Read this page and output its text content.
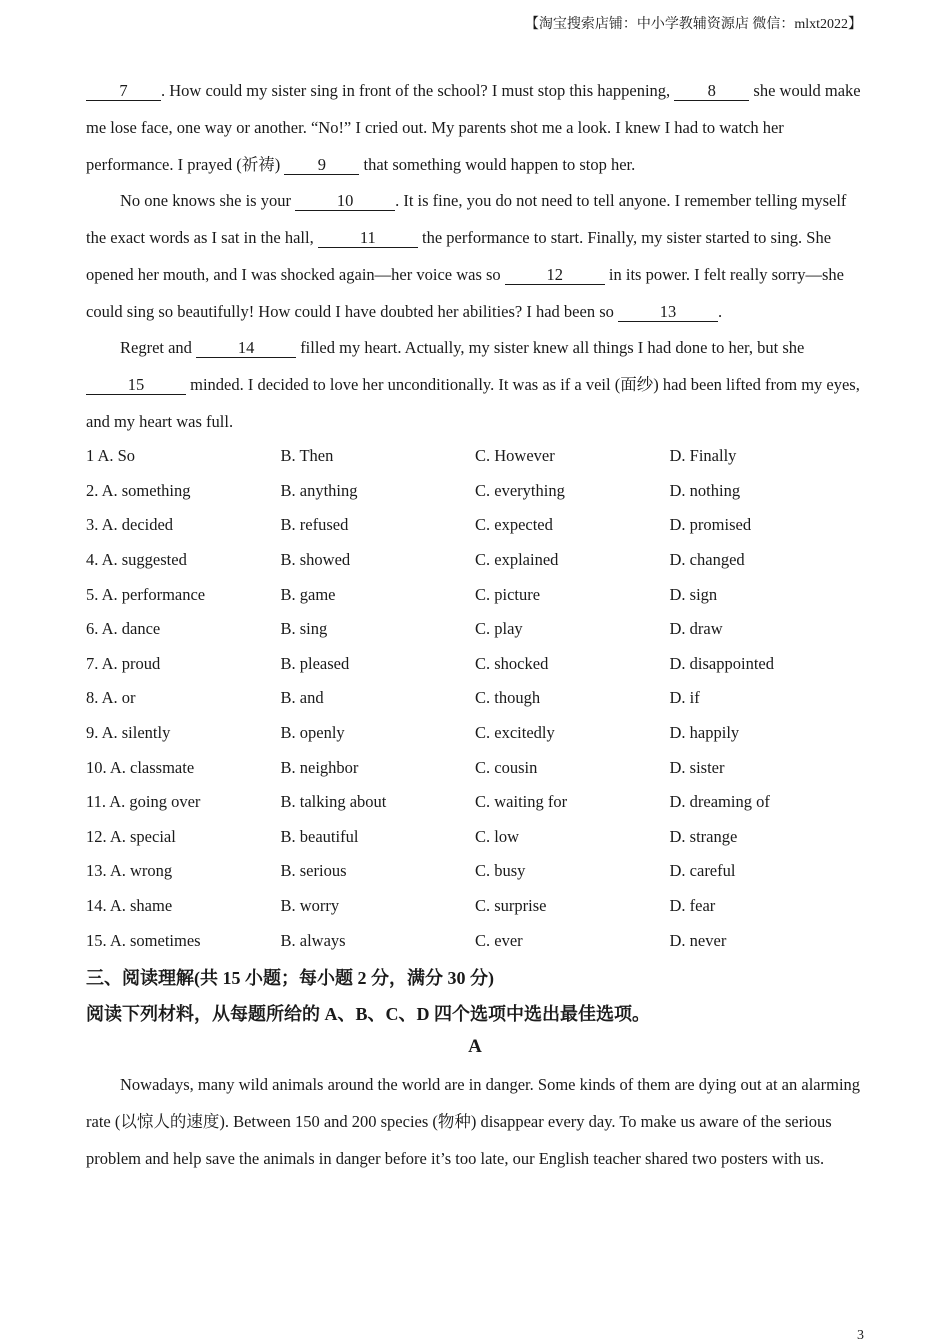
【淘宝搜索店铺：中小学教辅资源店 微信：mlxt2022】
7 . How could my sister sing in front of the school? I must stop this happening, 8 she would make me lose face, one way or another. “No!” I cried out. My parents shot me a look. I knew I had to watch her performance. I prayed (祈祷) 9 that something would happen to stop her.
No one knows she is your	10	. It is fine, you do not need to tell anyone. I remember telling myself the exact words as I sat in the hall,	11	the performance to start. Finally, my sister started to sing. She opened her mouth, and I was shocked again—her voice was so	12	in its power. I felt really sorry—she could sing so beautifully! How could I have doubted her abilities? I had been so	13	.
Regret and	14	filled my heart. Actually, my sister knew all things I had done to her, but she 15	minded. I decided to love her unconditionally. It was as if a veil (面纱) had been lifted from my eyes, and my heart was full.
1 A. So	B. Then	C. However	D. Finally
2. A. something	B. anything	C. everything	D. nothing
3. A. decided	B. refused	C. expected	D. promised
4. A. suggested	B. showed	C. explained	D. changed
5. A. performance	B. game	C. picture	D. sign
6. A. dance	B. sing	C. play	D. draw
7. A. proud	B. pleased	C. shocked	D. disappointed
8. A. or	B. and	C. though	D. if
9. A. silently	B. openly	C. excitedly	D. happily
10. A. classmate	B. neighbor	C. cousin	D. sister
11. A. going over	B. talking about	C. waiting for	D. dreaming of
12. A. special	B. beautiful	C. low	D. strange
13. A. wrong	B. serious	C. busy	D. careful
14. A. shame	B. worry	C. surprise	D. fear
15. A. sometimes	B. always	C. ever	D. never
三、阅读理解(共 15 小题；每小题 2 分，满分 30 分)
阅读下列材料，从每题所给的 A、B、C、D 四个选项中选出最佳选项。
A
Nowadays, many wild animals around the world are in danger. Some kinds of them are dying out at an alarming rate (以惊人的速度). Between 150 and 200 species (物种) disappear every day. To make us aware of the serious problem and help save the animals in danger before it’s too late, our English teacher shared two posters with us.
3
